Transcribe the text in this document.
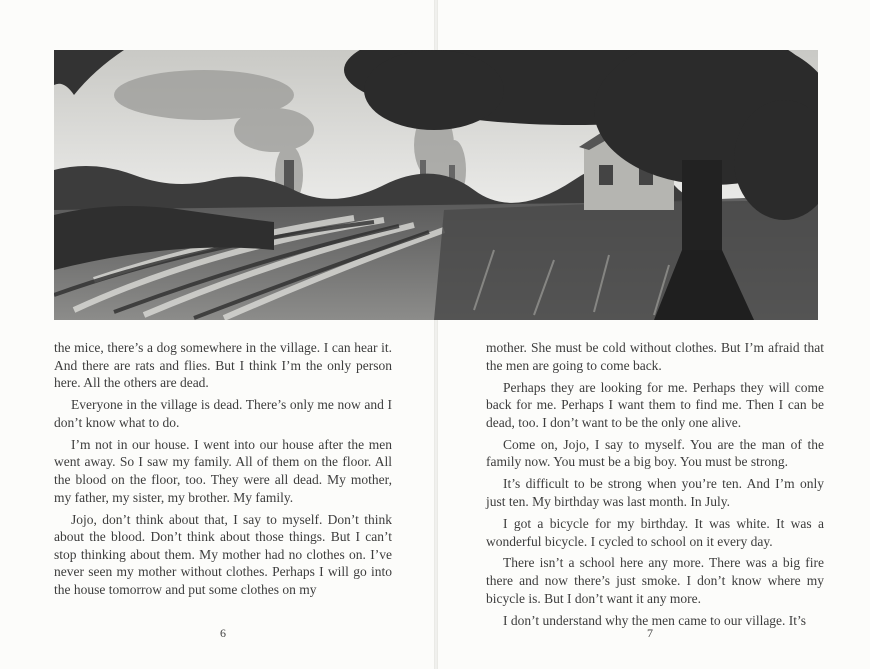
the mice, there’s a dog somewhere in the village. I can hear it. And there are rats and flies. But I think I’m the only person here. All the others are dead.

Everyone in the village is dead. There’s only me now and I don’t know what to do.

I’m not in our house. I went into our house after the men went away. So I saw my family. All of them on the floor. All the blood on the floor, too. They were all dead. My mother, my father, my sister, my brother. My family.

Jojo, don’t think about that, I say to myself. Don’t think about the blood. Don’t think about those things. But I can’t stop thinking about them. My mother had no clothes on. I’ve never seen my mother without clothes. Perhaps I will go into the house tomorrow and put some clothes on my

mother. She must be cold without clothes. But I’m afraid that the men are going to come back.

Perhaps they are looking for me. Perhaps they will come back for me. Perhaps I want them to find me. Then I can be dead, too. I don’t want to be the only one alive.

Come on, Jojo, I say to myself. You are the man of the family now. You must be a big boy. You must be strong.

It’s difficult to be strong when you’re ten. And I’m only just ten. My birthday was last month. In July.

I got a bicycle for my birthday. It was white. It was a wonderful bicycle. I cycled to school on it every day.

There isn’t a school here any more. There was a big fire there and now there’s just smoke. I don’t know where my bicycle is. But I don’t want it any more.

I don’t understand why the men came to our village. It’s

6	7
